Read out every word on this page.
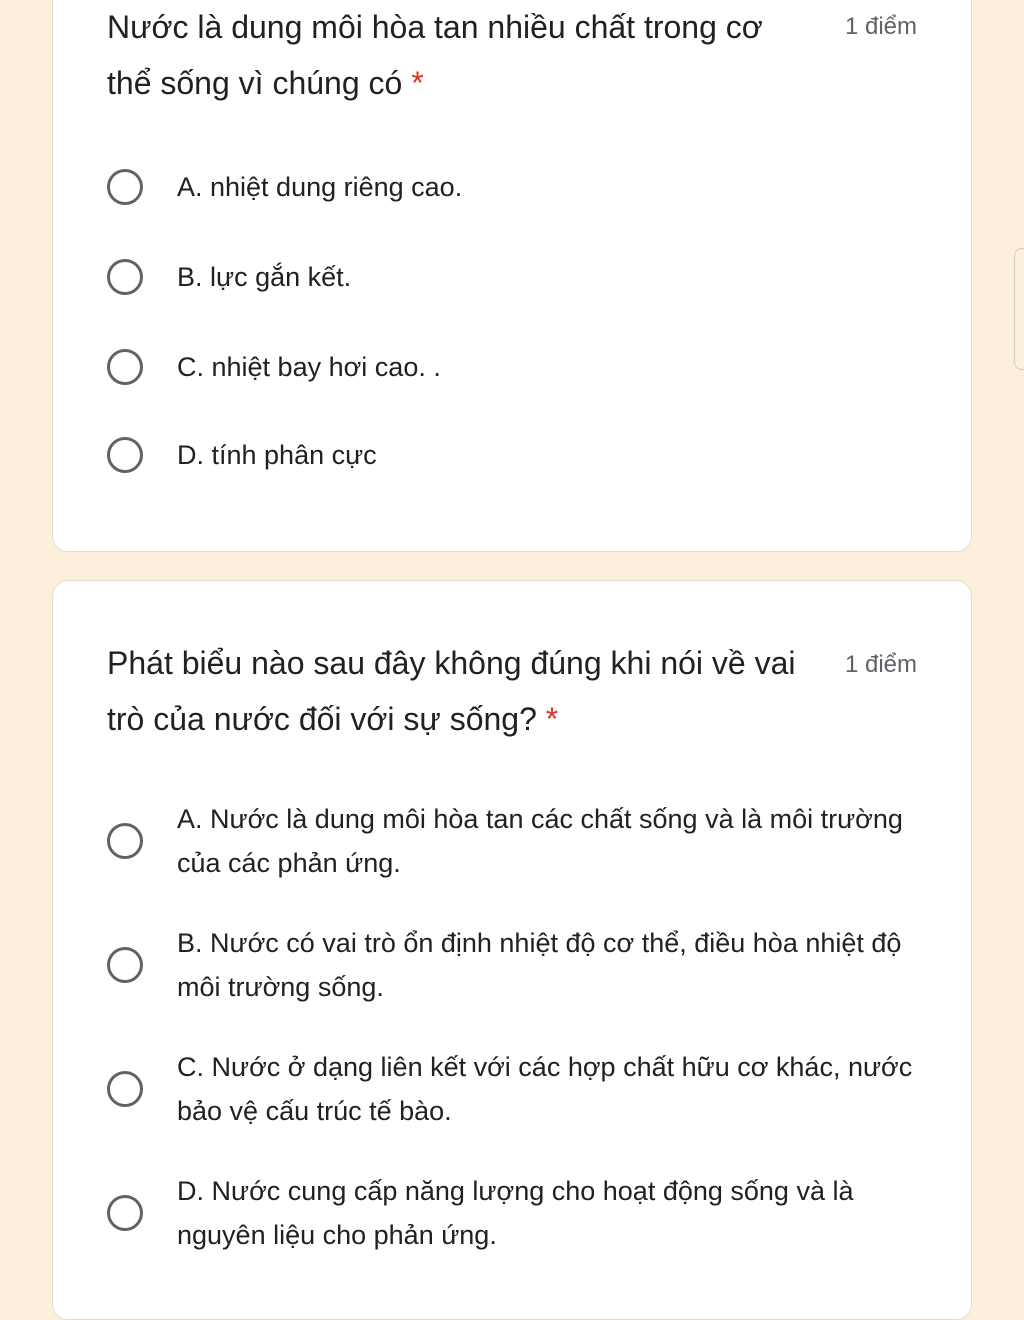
Nước là dung môi hòa tan nhiều chất trong cơ thể sống vì chúng có *
1 điểm
A. nhiệt dung riêng cao.
B. lực gắn kết.
C. nhiệt bay hơi cao. .
D. tính phân cực
Phát biểu nào sau đây không đúng khi nói về vai trò của nước đối với sự sống? *
1 điểm
A. Nước là dung môi hòa tan các chất sống và là môi trường của các phản ứng.
B. Nước có vai trò ổn định nhiệt độ cơ thể, điều hòa nhiệt độ môi trường sống.
C. Nước ở dạng liên kết với các hợp chất hữu cơ khác, nước bảo vệ cấu trúc tế bào.
D. Nước cung cấp năng lượng cho hoạt động sống và là nguyên liệu cho phản ứng.
